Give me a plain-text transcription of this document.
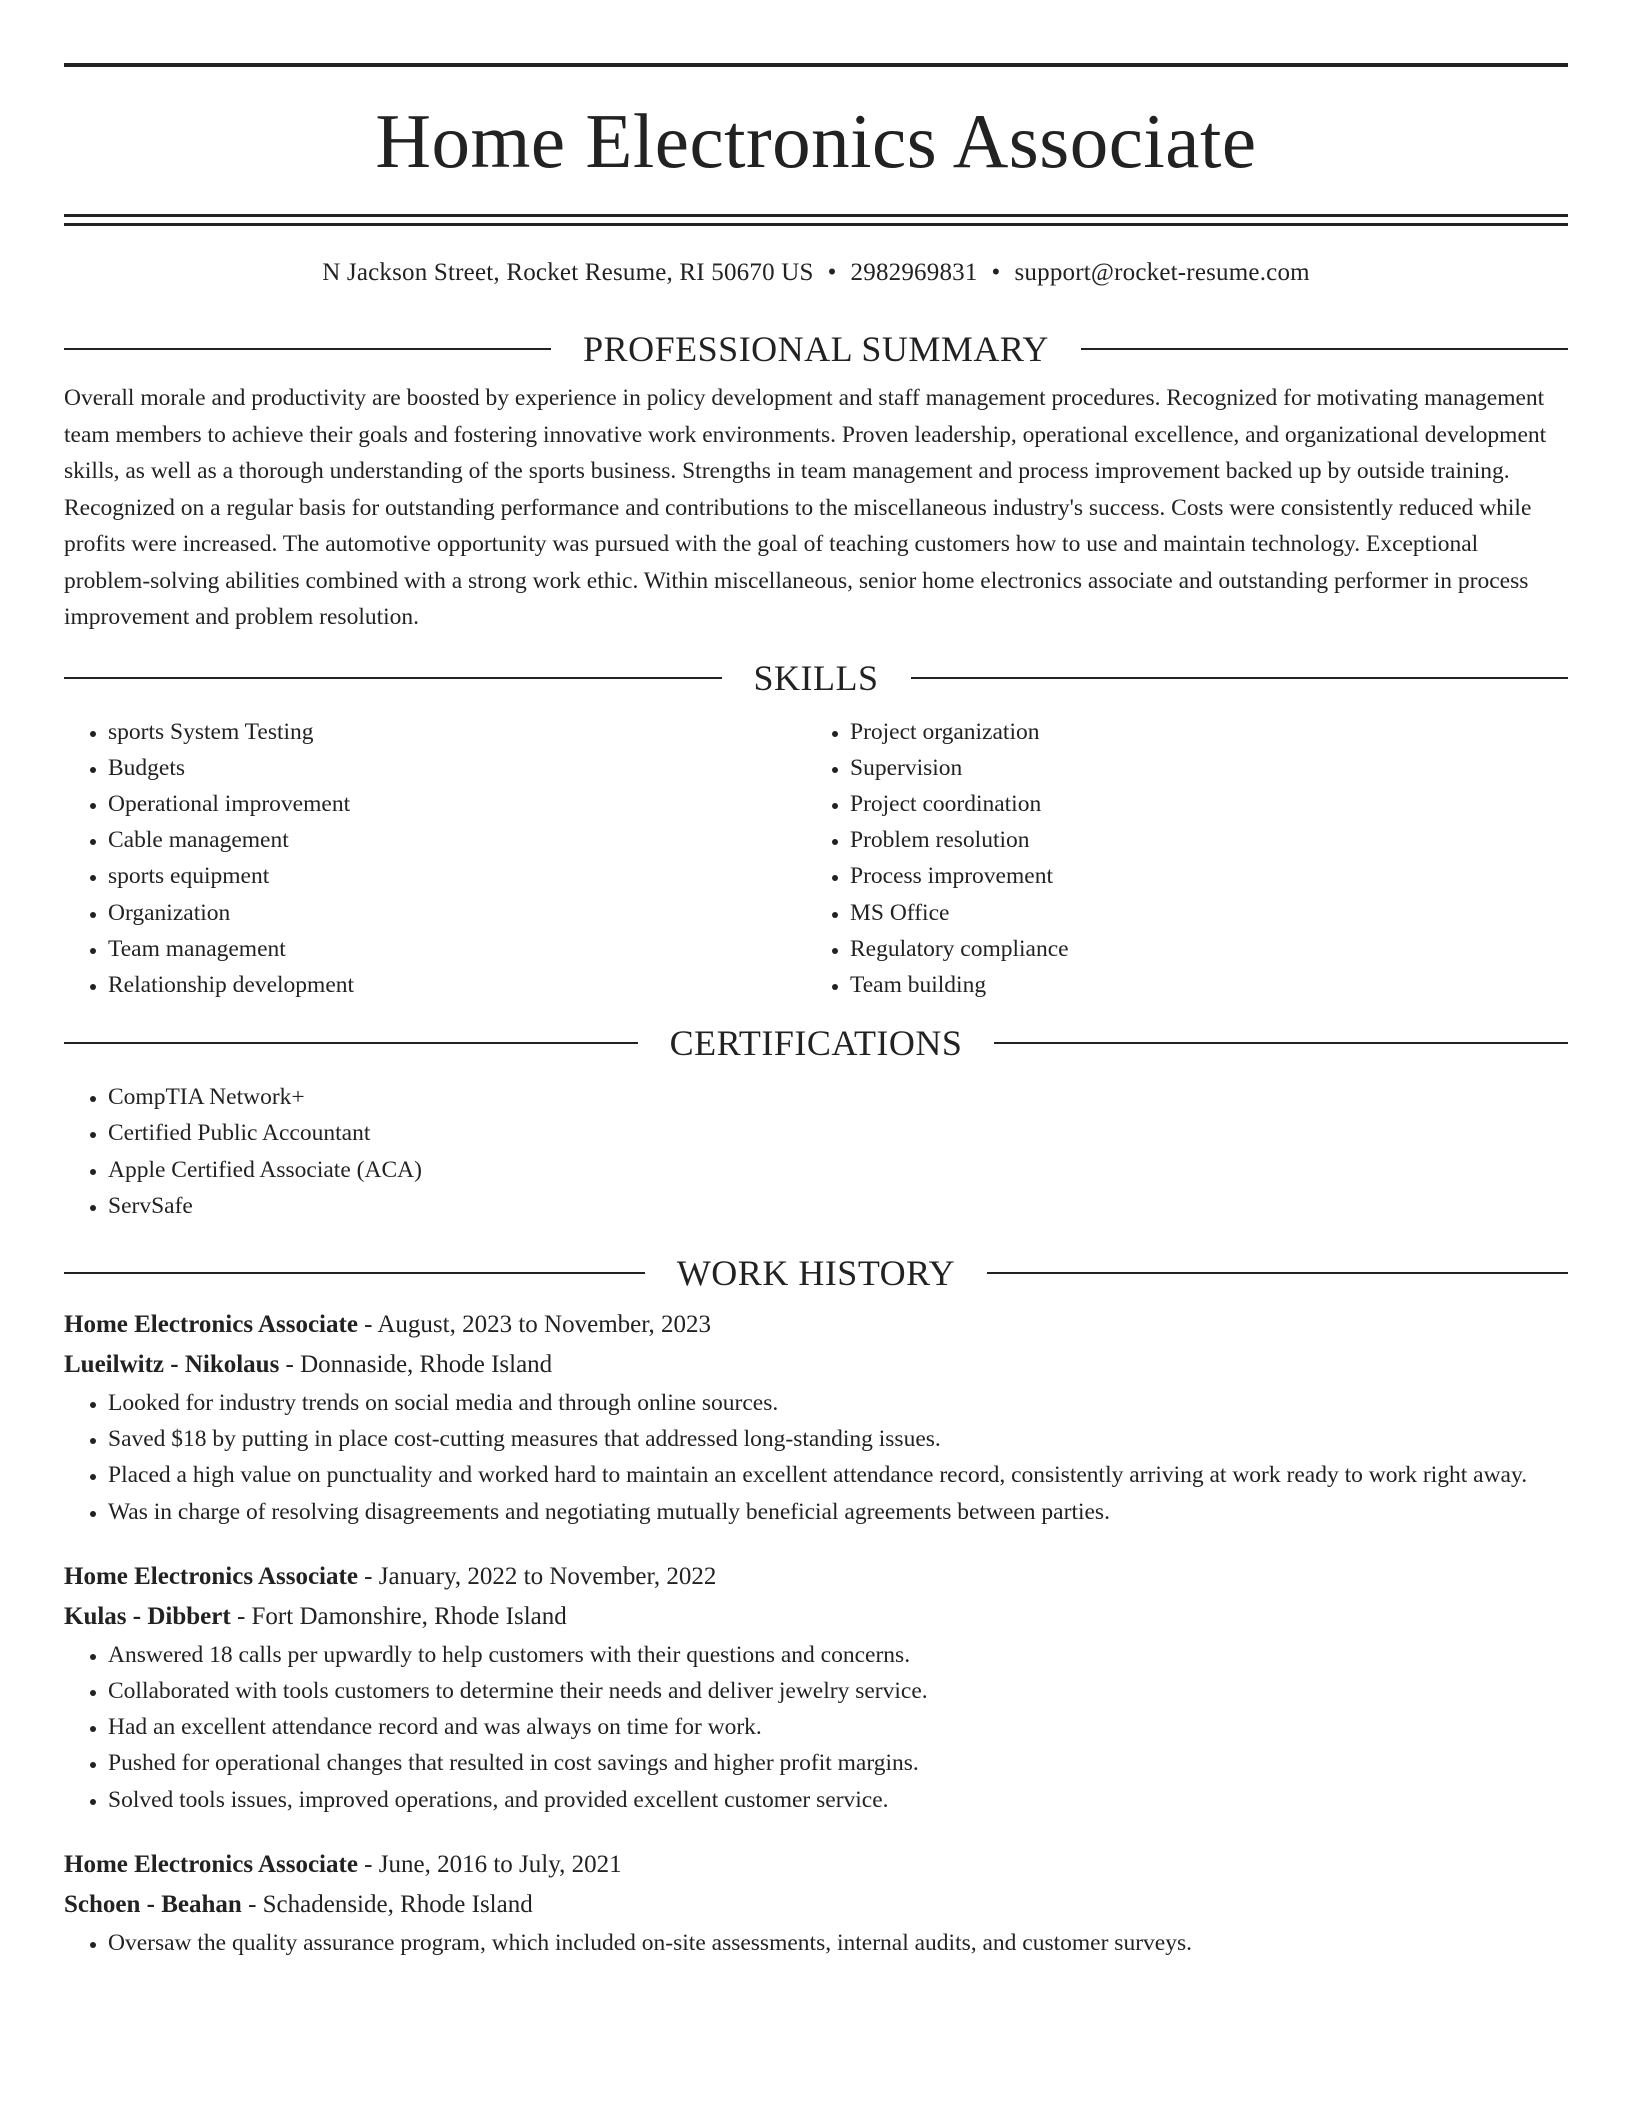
Home Electronics Associate
N Jackson Street, Rocket Resume, RI 50670 US • 2982969831 • support@rocket-resume.com
PROFESSIONAL SUMMARY
Overall morale and productivity are boosted by experience in policy development and staff management procedures. Recognized for motivating management team members to achieve their goals and fostering innovative work environments. Proven leadership, operational excellence, and organizational development skills, as well as a thorough understanding of the sports business. Strengths in team management and process improvement backed up by outside training. Recognized on a regular basis for outstanding performance and contributions to the miscellaneous industry's success. Costs were consistently reduced while profits were increased. The automotive opportunity was pursued with the goal of teaching customers how to use and maintain technology. Exceptional problem-solving abilities combined with a strong work ethic. Within miscellaneous, senior home electronics associate and outstanding performer in process improvement and problem resolution.
SKILLS
• sports System Testing
• Budgets
• Operational improvement
• Cable management
• sports equipment
• Organization
• Team management
• Relationship development
• Project organization
• Supervision
• Project coordination
• Problem resolution
• Process improvement
• MS Office
• Regulatory compliance
• Team building
CERTIFICATIONS
• CompTIA Network+
• Certified Public Accountant
• Apple Certified Associate (ACA)
• ServSafe
WORK HISTORY
Home Electronics Associate - August, 2023 to November, 2023
Lueilwitz - Nikolaus - Donnaside, Rhode Island
• Looked for industry trends on social media and through online sources.
• Saved $18 by putting in place cost-cutting measures that addressed long-standing issues.
• Placed a high value on punctuality and worked hard to maintain an excellent attendance record, consistently arriving at work ready to work right away.
• Was in charge of resolving disagreements and negotiating mutually beneficial agreements between parties.
Home Electronics Associate - January, 2022 to November, 2022
Kulas - Dibbert - Fort Damonshire, Rhode Island
• Answered 18 calls per upwardly to help customers with their questions and concerns.
• Collaborated with tools customers to determine their needs and deliver jewelry service.
• Had an excellent attendance record and was always on time for work.
• Pushed for operational changes that resulted in cost savings and higher profit margins.
• Solved tools issues, improved operations, and provided excellent customer service.
Home Electronics Associate - June, 2016 to July, 2021
Schoen - Beahan - Schadenside, Rhode Island
• Oversaw the quality assurance program, which included on-site assessments, internal audits, and customer surveys.
